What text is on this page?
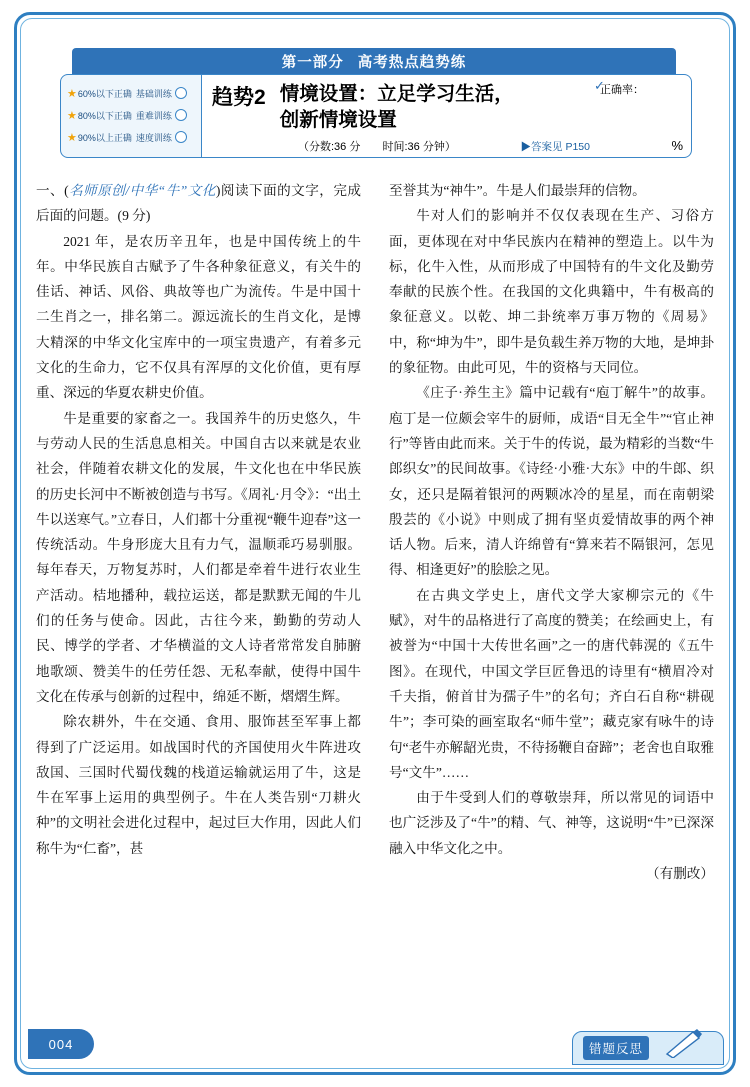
第一部分 高考热点趋势练
★ 60%以下正确 基础训练
★ 80%以下正确 重难训练
★ 90%以上正确 速度训练
趋势2 情境设置：立足学习生活，
创新情境设置
（分数:36 分 时间:36 分钟）	▶答案见 P150
✓
正确率：
%

一、(名师原创/中华“牛”文化)阅读下面的文字，完成后面的问题。(9 分)

2021 年，是农历辛丑年，也是中国传统上的牛年。中华民族自古赋予了牛各种象征意义，有关牛的佳话、神话、风俗、典故等也广为流传。牛是中国十二生肖之一，排名第二。源远流长的生肖文化，是博大精深的中华文化宝库中的一项宝贵遗产，有着多元文化的生命力，它不仅具有浑厚的文化价值，更有厚重、深远的华夏农耕史价值。

牛是重要的家畜之一。我国养牛的历史悠久，牛与劳动人民的生活息息相关。中国自古以来就是农业社会，伴随着农耕文化的发展，牛文化也在中华民族的历史长河中不断被创造与书写。《周礼·月令》：“出土牛以送寒气。”立春日，人们都十分重视“鞭牛迎春”这一传统活动。牛身形庞大且有力气，温顺乖巧易驯服。每年春天，万物复苏时，人们都是牵着牛进行农业生产活动。桔地播种，载拉运送，都是默默无闻的牛儿们的任务与使命。因此，古往今来，勤勤的劳动人民、博学的学者、才华横溢的文人诗者常常发自肺腑地歌颂、赞美牛的任劳任怨、无私奉献，使得中国牛文化在传承与创新的过程中，绵延不断，熠熠生辉。

除农耕外，牛在交通、食用、服饰甚至军事上都得到了广泛运用。如战国时代的齐国使用火牛阵进攻敌国、三国时代蜀伐魏的栈道运输就运用了牛，这是牛在军事上运用的典型例子。牛在人类告别“刀耕火种”的文明社会进化过程中，起过巨大作用，因此人们称牛为“仁畜”，甚

至誉其为“神牛”。牛是人们最崇拜的信物。

牛对人们的影响并不仅仅表现在生产、习俗方面，更体现在对中华民族内在精神的塑造上。以牛为标，化牛入性，从而形成了中国特有的牛文化及勤劳奉献的民族个性。在我国的文化典籍中，牛有极高的象征意义。以乾、坤二卦统率万事万物的《周易》中，称“坤为牛”，即牛是负载生养万物的大地，是坤卦的象征物。由此可见，牛的资格与天同位。

《庄子·养生主》篇中记载有“庖丁解牛”的故事。庖丁是一位颇会宰牛的厨师，成语“目无全牛”“官止神行”等皆由此而来。关于牛的传说，最为精彩的当数“牛郎织女”的民间故事。《诗经·小雅·大东》中的牛郎、织女，还只是隔着银河的两颗冰冷的星星，而在南朝梁殷芸的《小说》中则成了拥有坚贞爱情故事的两个神话人物。后来，清人许绵曾有“算来若不隔银河，怎见得、相逢更好”的脍脍之见。

在古典文学史上，唐代文学大家柳宗元的《牛赋》，对牛的品格进行了高度的赞美；在绘画史上，有被誉为“中国十大传世名画”之一的唐代韩滉的《五牛图》。在现代，中国文学巨匠鲁迅的诗里有“横眉冷对千夫指，俯首甘为孺子牛”的名句；齐白石自称“耕砚牛”；李可染的画室取名“师牛堂”；藏克家有咏牛的诗句“老牛亦解龆光贵，不待扬鞭自奋蹄”；老舍也自取雅号“文牛”……

由于牛受到人们的尊敬崇拜，所以常见的词语中也广泛涉及了“牛”的精、气、神等，这说明“牛”已深深融入中华文化之中。

（有删改）

004	错题反思
